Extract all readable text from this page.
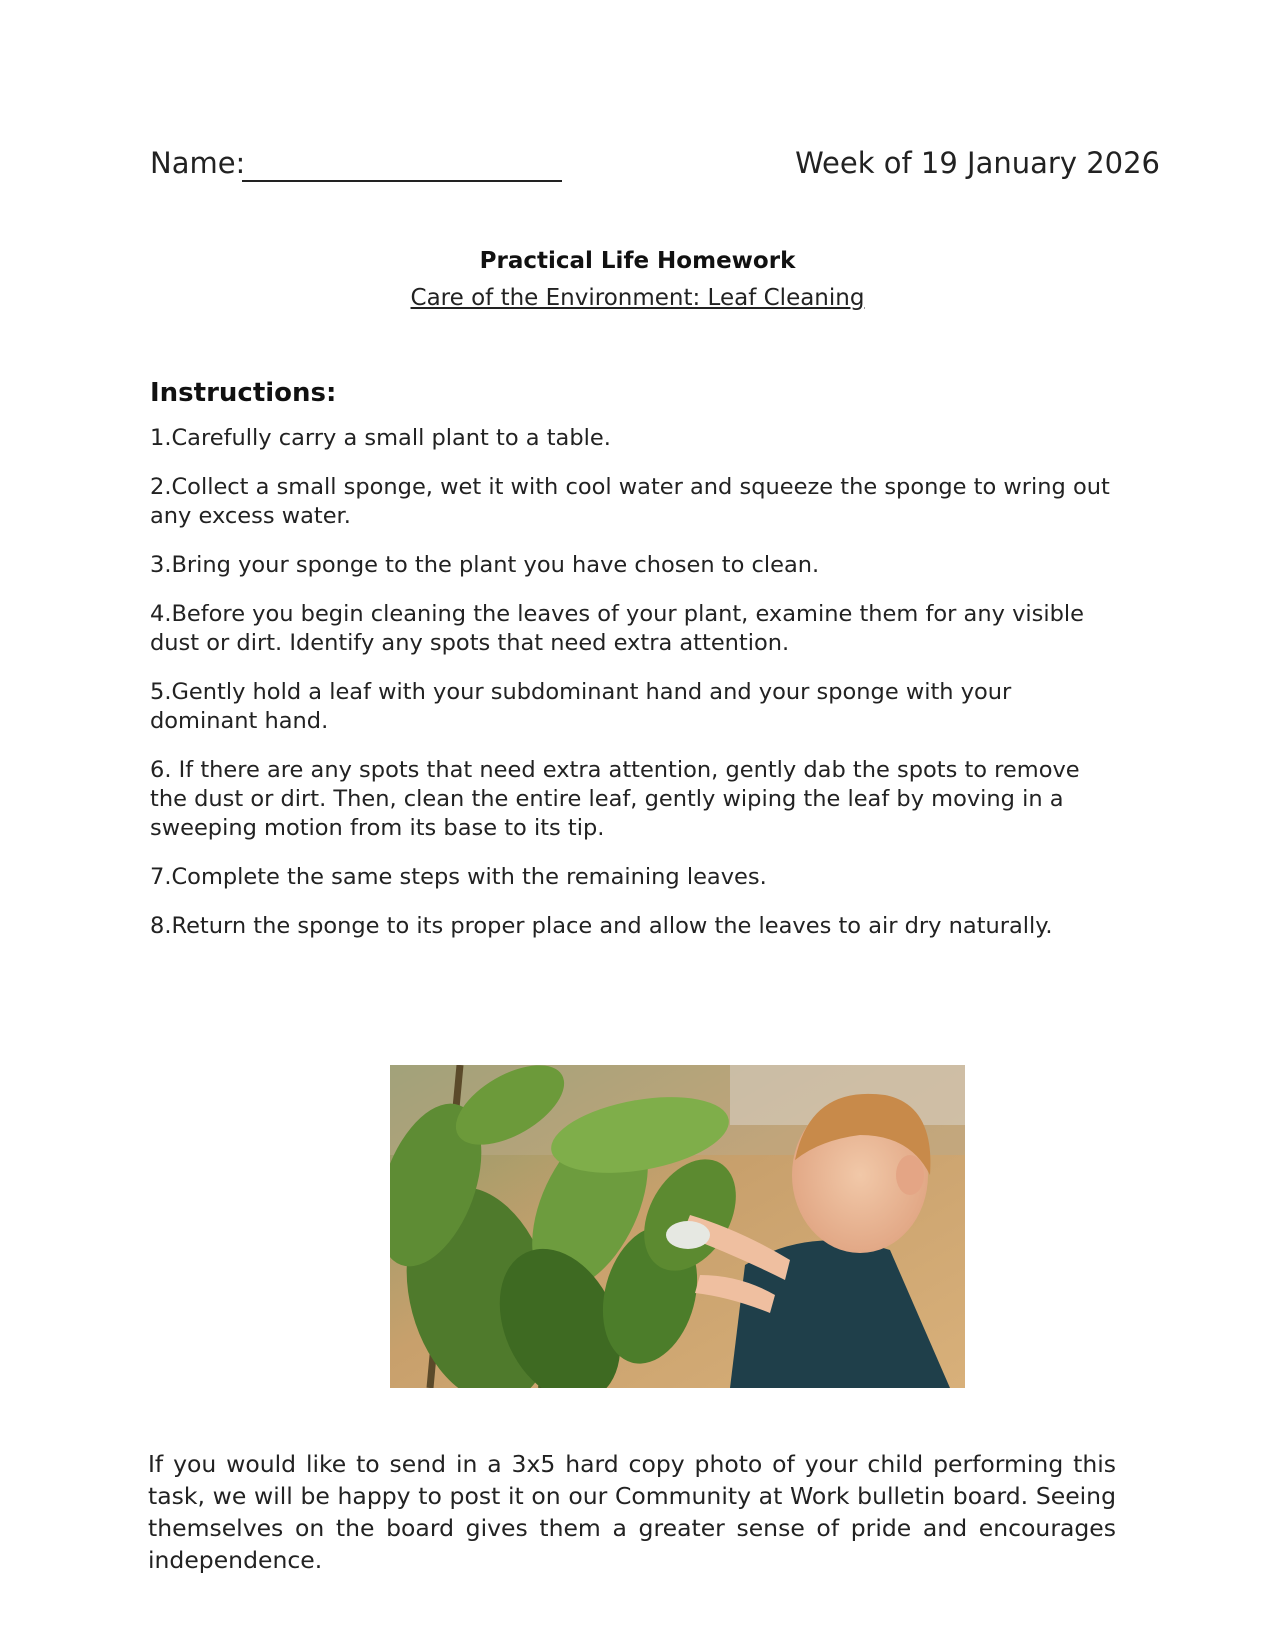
Name:	Week of 19 January 2026
Practical Life Homework
Care of the Environment: Leaf Cleaning
Instructions:

1.Carefully carry a small plant to a table.

2.Collect a small sponge, wet it with cool water and squeeze the sponge to wring out any excess water.

3.Bring your sponge to the plant you have chosen to clean.

4.Before you begin cleaning the leaves of your plant, examine them for any visible dust or dirt. Identify any spots that need extra attention.

5.Gently hold a leaf with your subdominant hand and your sponge with your dominant hand.

6. If there are any spots that need extra attention, gently dab the spots to remove the dust or dirt. Then, clean the entire leaf, gently wiping the leaf by moving in a sweeping motion from its base to its tip.

7.Complete the same steps with the remaining leaves.

8.Return the sponge to its proper place and allow the leaves to air dry naturally.

If you would like to send in a 3x5 hard copy photo of your child performing this task, we will be happy to post it on our Community at Work bulletin board. Seeing themselves on the board gives them a greater sense of pride and encourages independence.
